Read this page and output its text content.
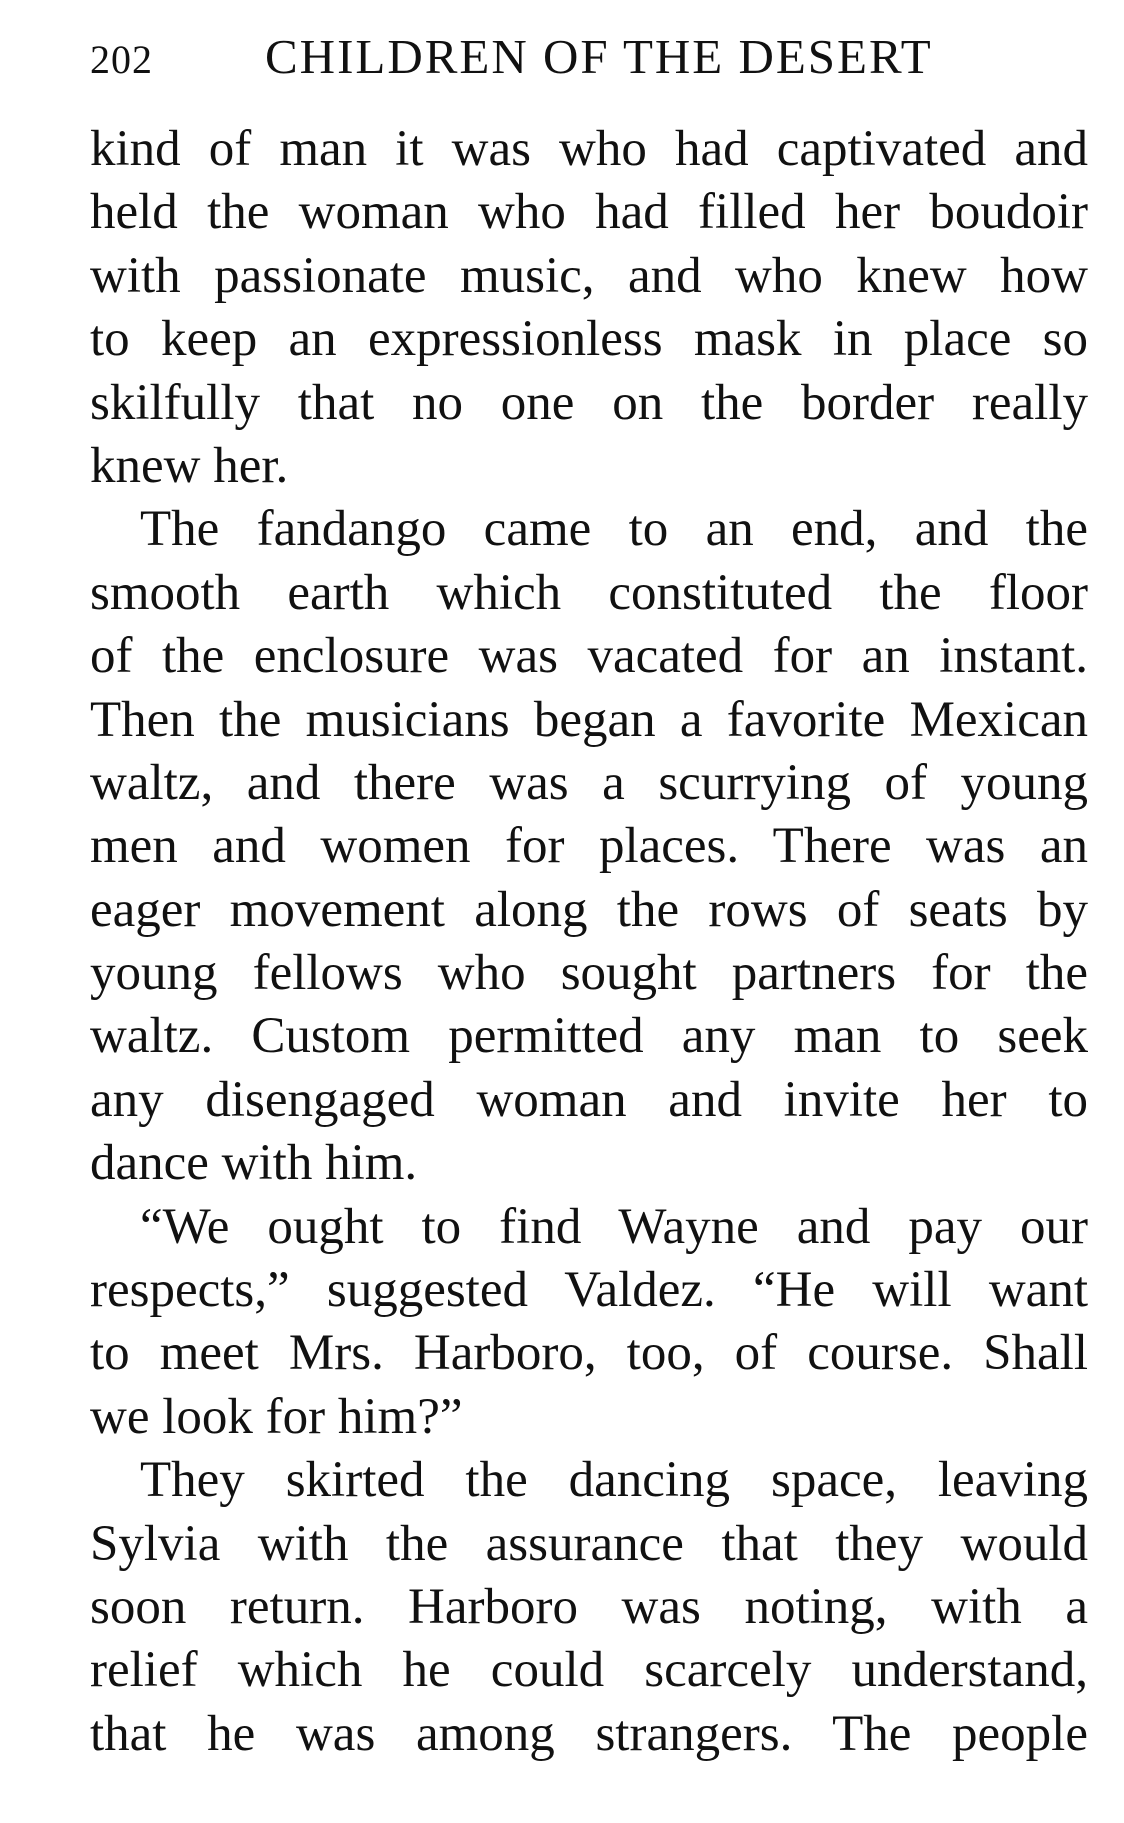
202 CHILDREN OF THE DESERT
kind of man it was who had captivated and
held the woman who had filled her boudoir
with passionate music, and who knew how
to keep an expressionless mask in place so
skilfully that no one on the border really
knew her.
The fandango came to an end, and the
smooth earth which constituted the floor
of the enclosure was vacated for an instant.
Then the musicians began a favorite Mexican
waltz, and there was a scurrying of young
men and women for places. There was an
eager movement along the rows of seats by
young fellows who sought partners for the
waltz. Custom permitted any man to seek
any disengaged woman and invite her to
dance with him.
“We ought to find Wayne and pay our
respects,” suggested Valdez. “He will want
to meet Mrs. Harboro, too, of course. Shall
we look for him?”
They skirted the dancing space, leaving
Sylvia with the assurance that they would
soon return. Harboro was noting, with a
relief which he could scarcely understand,
that he was among strangers. The people
